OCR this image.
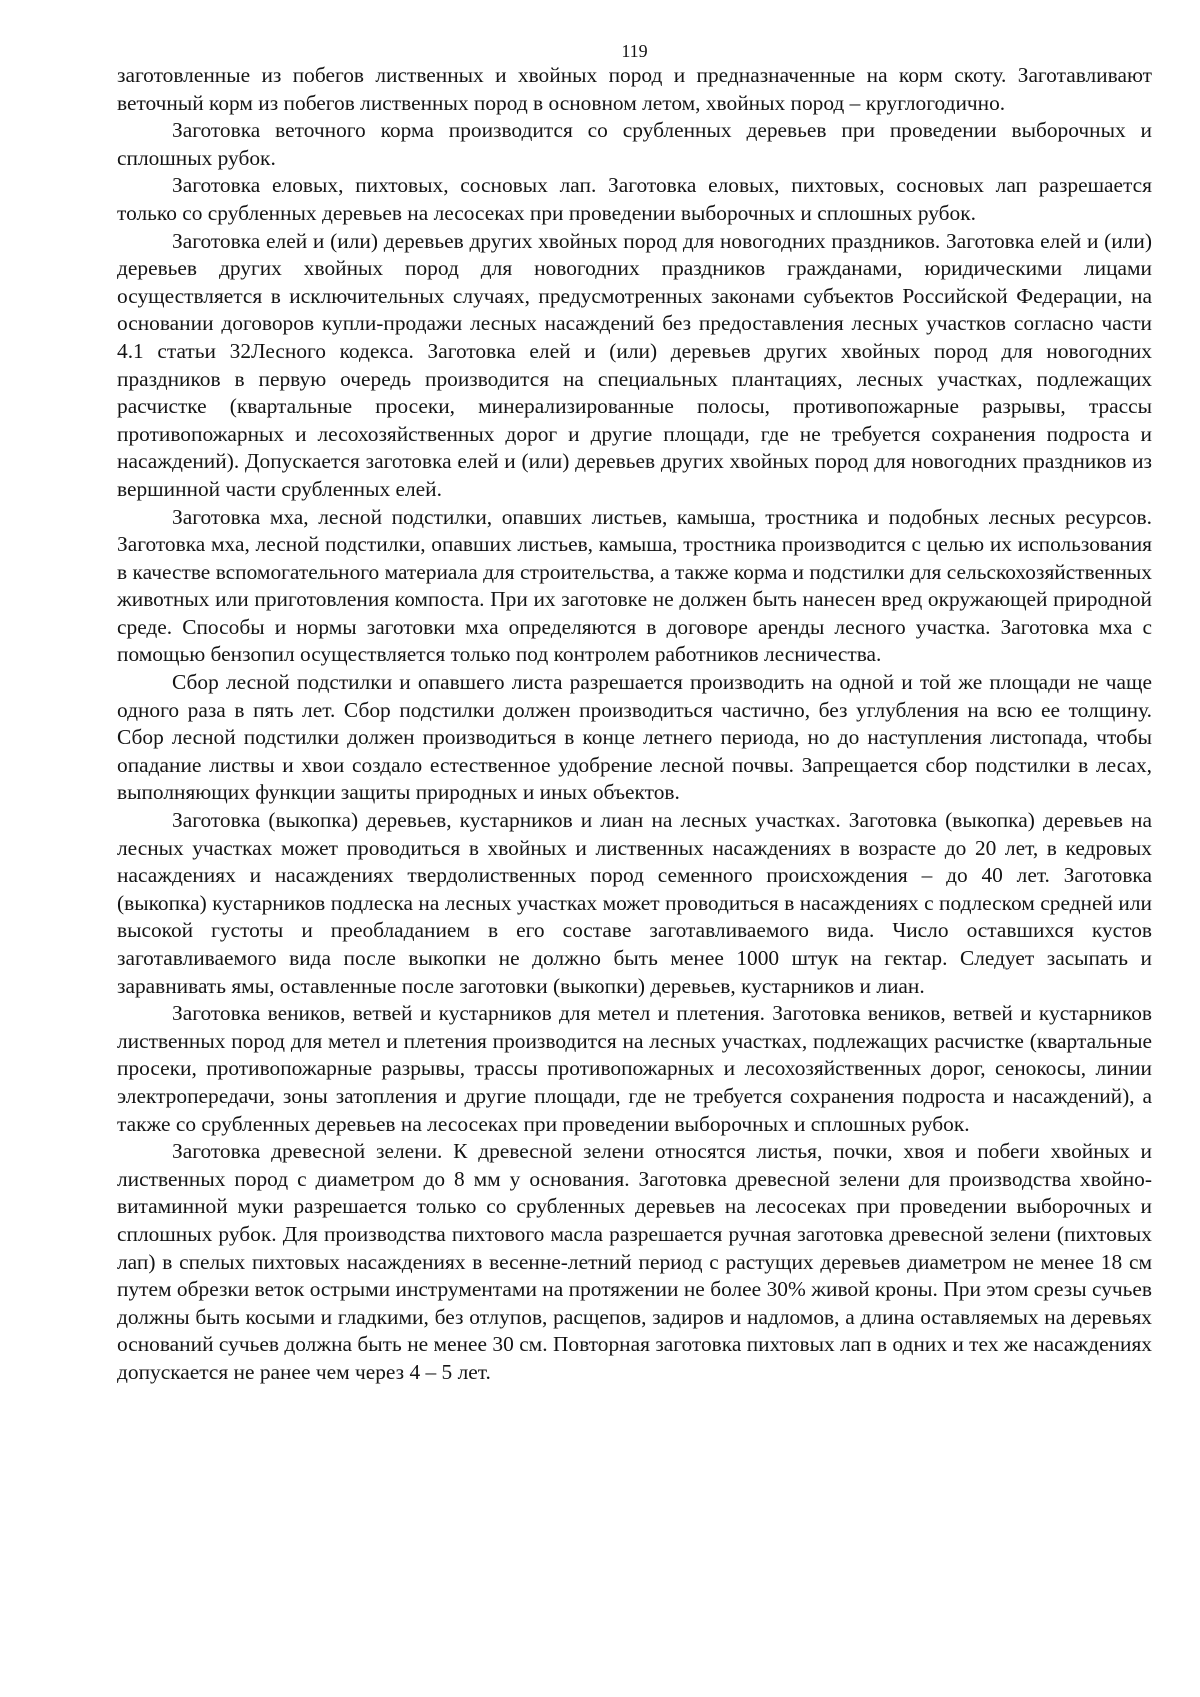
119

заготовленные из побегов лиственных и хвойных пород и предназначенные на корм скоту. Заготавливают веточный корм из побегов лиственных пород в основном летом, хвойных пород – круглогодично.

Заготовка веточного корма производится со срубленных деревьев при проведении выборочных и сплошных рубок.

Заготовка еловых, пихтовых, сосновых лап. Заготовка еловых, пихтовых, сосновых лап разрешается только со срубленных деревьев на лесосеках при проведении выборочных и сплошных рубок.

Заготовка елей и (или) деревьев других хвойных пород для новогодних праздников. Заготовка елей и (или) деревьев других хвойных пород для новогодних праздников гражданами, юридическими лицами осуществляется в исключительных случаях, предусмотренных законами субъектов Российской Федерации, на основании договоров купли-продажи лесных насаждений без предоставления лесных участков согласно части 4.1 статьи 32Лесного кодекса. Заготовка елей и (или) деревьев других хвойных пород для новогодних праздников в первую очередь производится на специальных плантациях, лесных участках, подлежащих расчистке (квартальные просеки, минерализированные полосы, противопожарные разрывы, трассы противопожарных и лесохозяйственных дорог и другие площади, где не требуется сохранения подроста и насаждений). Допускается заготовка елей и (или) деревьев других хвойных пород для новогодних праздников из вершинной части срубленных елей.

Заготовка мха, лесной подстилки, опавших листьев, камыша, тростника и подобных лесных ресурсов. Заготовка мха, лесной подстилки, опавших листьев, камыша, тростника производится с целью их использования в качестве вспомогательного материала для строительства, а также корма и подстилки для сельскохозяйственных животных или приготовления компоста. При их заготовке не должен быть нанесен вред окружающей природной среде. Способы и нормы заготовки мха определяются в договоре аренды лесного участка. Заготовка мха с помощью бензопил осуществляется только под контролем работников лесничества.

Сбор лесной подстилки и опавшего листа разрешается производить на одной и той же площади не чаще одного раза в пять лет. Сбор подстилки должен производиться частично, без углубления на всю ее толщину. Сбор лесной подстилки должен производиться в конце летнего периода, но до наступления листопада, чтобы опадание листвы и хвои создало естественное удобрение лесной почвы. Запрещается сбор подстилки в лесах, выполняющих функции защиты природных и иных объектов.

Заготовка (выкопка) деревьев, кустарников и лиан на лесных участках. Заготовка (выкопка) деревьев на лесных участках может проводиться в хвойных и лиственных насаждениях в возрасте до 20 лет, в кедровых насаждениях и насаждениях твердолиственных пород семенного происхождения – до 40 лет. Заготовка (выкопка) кустарников подлеска на лесных участках может проводиться в насаждениях с подлеском средней или высокой густоты и преобладанием в его составе заготавливаемого вида. Число оставшихся кустов заготавливаемого вида после выкопки не должно быть менее 1000 штук на гектар. Следует засыпать и заравнивать ямы, оставленные после заготовки (выкопки) деревьев, кустарников и лиан.

Заготовка веников, ветвей и кустарников для метел и плетения. Заготовка веников, ветвей и кустарников лиственных пород для метел и плетения производится на лесных участках, подлежащих расчистке (квартальные просеки, противопожарные разрывы, трассы противопожарных и лесохозяйственных дорог, сенокосы, линии электропередачи, зоны затопления и другие площади, где не требуется сохранения подроста и насаждений), а также со срубленных деревьев на лесосеках при проведении выборочных и сплошных рубок.

Заготовка древесной зелени. К древесной зелени относятся листья, почки, хвоя и побеги хвойных и лиственных пород с диаметром до 8 мм у основания. Заготовка древесной зелени для производства хвойно-витаминной муки разрешается только со срубленных деревьев на лесосеках при проведении выборочных и сплошных рубок. Для производства пихтового масла разрешается ручная заготовка древесной зелени (пихтовых лап) в спелых пихтовых насаждениях в весенне-летний период с растущих деревьев диаметром не менее 18 см путем обрезки веток острыми инструментами на протяжении не более 30% живой кроны. При этом срезы сучьев должны быть косыми и гладкими, без отлупов, расщепов, задиров и надломов, а длина оставляемых на деревьях оснований сучьев должна быть не менее 30 см. Повторная заготовка пихтовых лап в одних и тех же насаждениях допускается не ранее чем через 4 – 5 лет.
